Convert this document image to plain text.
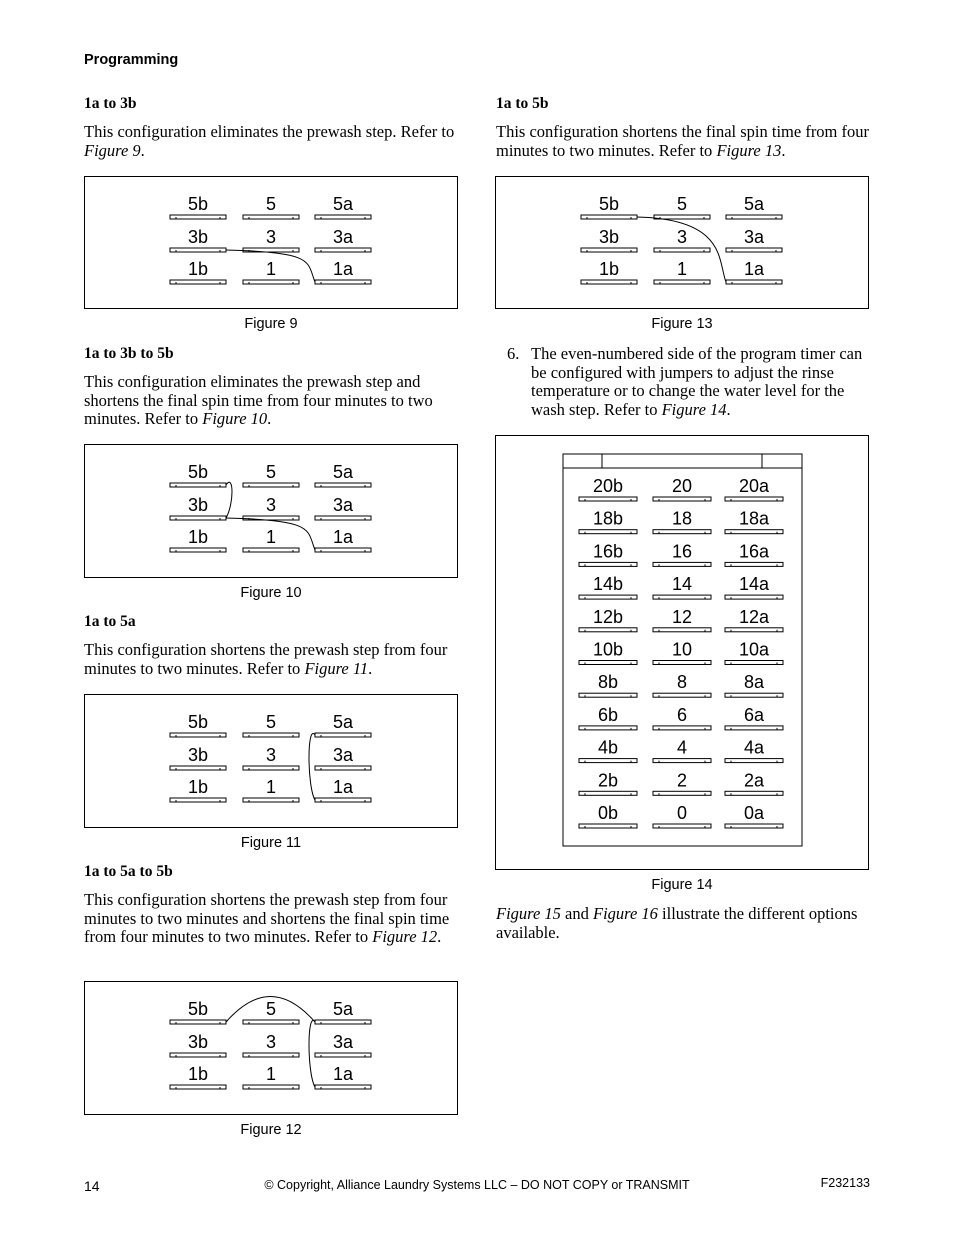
Programming
1a to 3b
This configuration eliminates the prewash step. Refer to Figure 9.
5b	5	5a
3b	3	3a
1b	1	1a
Figure 9
1a to 3b to 5b
This configuration eliminates the prewash step and shortens the final spin time from four minutes to two minutes. Refer to Figure 10.
5b	5	5a
3b	3	3a
1b	1	1a
Figure 10
1a to 5a
This configuration shortens the prewash step from four minutes to two minutes. Refer to Figure 11.
5b	5	5a
3b	3	3a
1b	1	1a
Figure 11
1a to 5a to 5b
This configuration shortens the prewash step from four minutes to two minutes and shortens the final spin time from four minutes to two minutes. Refer to Figure 12.
5b	5	5a
3b	3	3a
1b	1	1a
Figure 12
1a to 5b
This configuration shortens the final spin time from four minutes to two minutes. Refer to Figure 13.
5b	5	5a
3b	3	3a
1b	1	1a
Figure 13
6. The even-numbered side of the program timer can be configured with jumpers to adjust the rinse temperature or to change the water level for the wash step. Refer to Figure 14.
20b	20	20a
18b	18	18a
16b	16	16a
14b	14	14a
12b	12	12a
10b	10	10a
8b	8	8a
6b	6	6a
4b	4	4a
2b	2	2a
0b	0	0a
Figure 14
Figure 15 and Figure 16 illustrate the different options available.
14	© Copyright, Alliance Laundry Systems LLC – DO NOT COPY or TRANSMIT	F232133
